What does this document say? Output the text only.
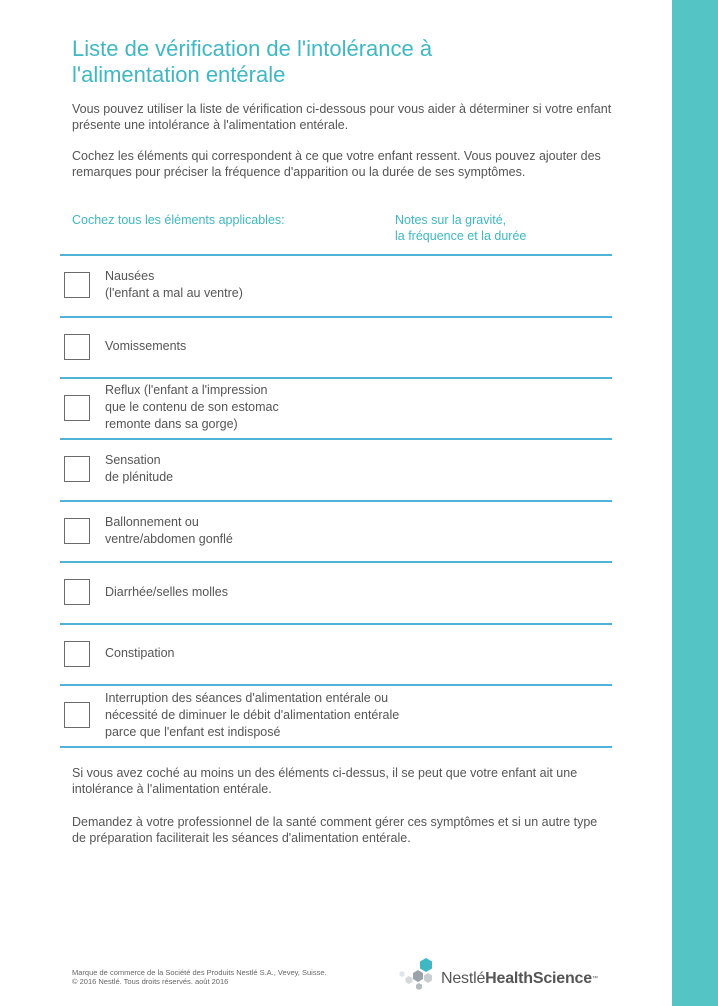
Liste de vérification de l'intolérance à
l'alimentation entérale

Vous pouvez utiliser la liste de vérification ci-dessous pour vous aider à déterminer si votre enfant présente une intolérance à l'alimentation entérale.

Cochez les éléments qui correspondent à ce que votre enfant ressent. Vous pouvez ajouter des remarques pour préciser la fréquence d'apparition ou la durée de ses symptômes.

Cochez tous les éléments applicables:	Notes sur la gravité,
la fréquence et la durée
Nausées
(l'enfant a mal au ventre)
Vomissements
Reflux (l'enfant a l'impression
que le contenu de son estomac
remonte dans sa gorge)
Sensation
de plénitude
Ballonnement ou
ventre/abdomen gonflé
Diarrhée/selles molles
Constipation
Interruption des séances d'alimentation entérale ou
nécessité de diminuer le débit d'alimentation entérale
parce que l'enfant est indisposé

Si vous avez coché au moins un des éléments ci-dessus, il se peut que votre enfant ait une intolérance à l'alimentation entérale.

Demandez à votre professionnel de la santé comment gérer ces symptômes et si un autre type de préparation faciliterait les séances d'alimentation entérale.

Marque de commerce de la Société des Produits Nestlé S.A., Vevey, Suisse.
© 2016 Nestlé. Tous droits réservés. août 2016	NestléHealthScience™
